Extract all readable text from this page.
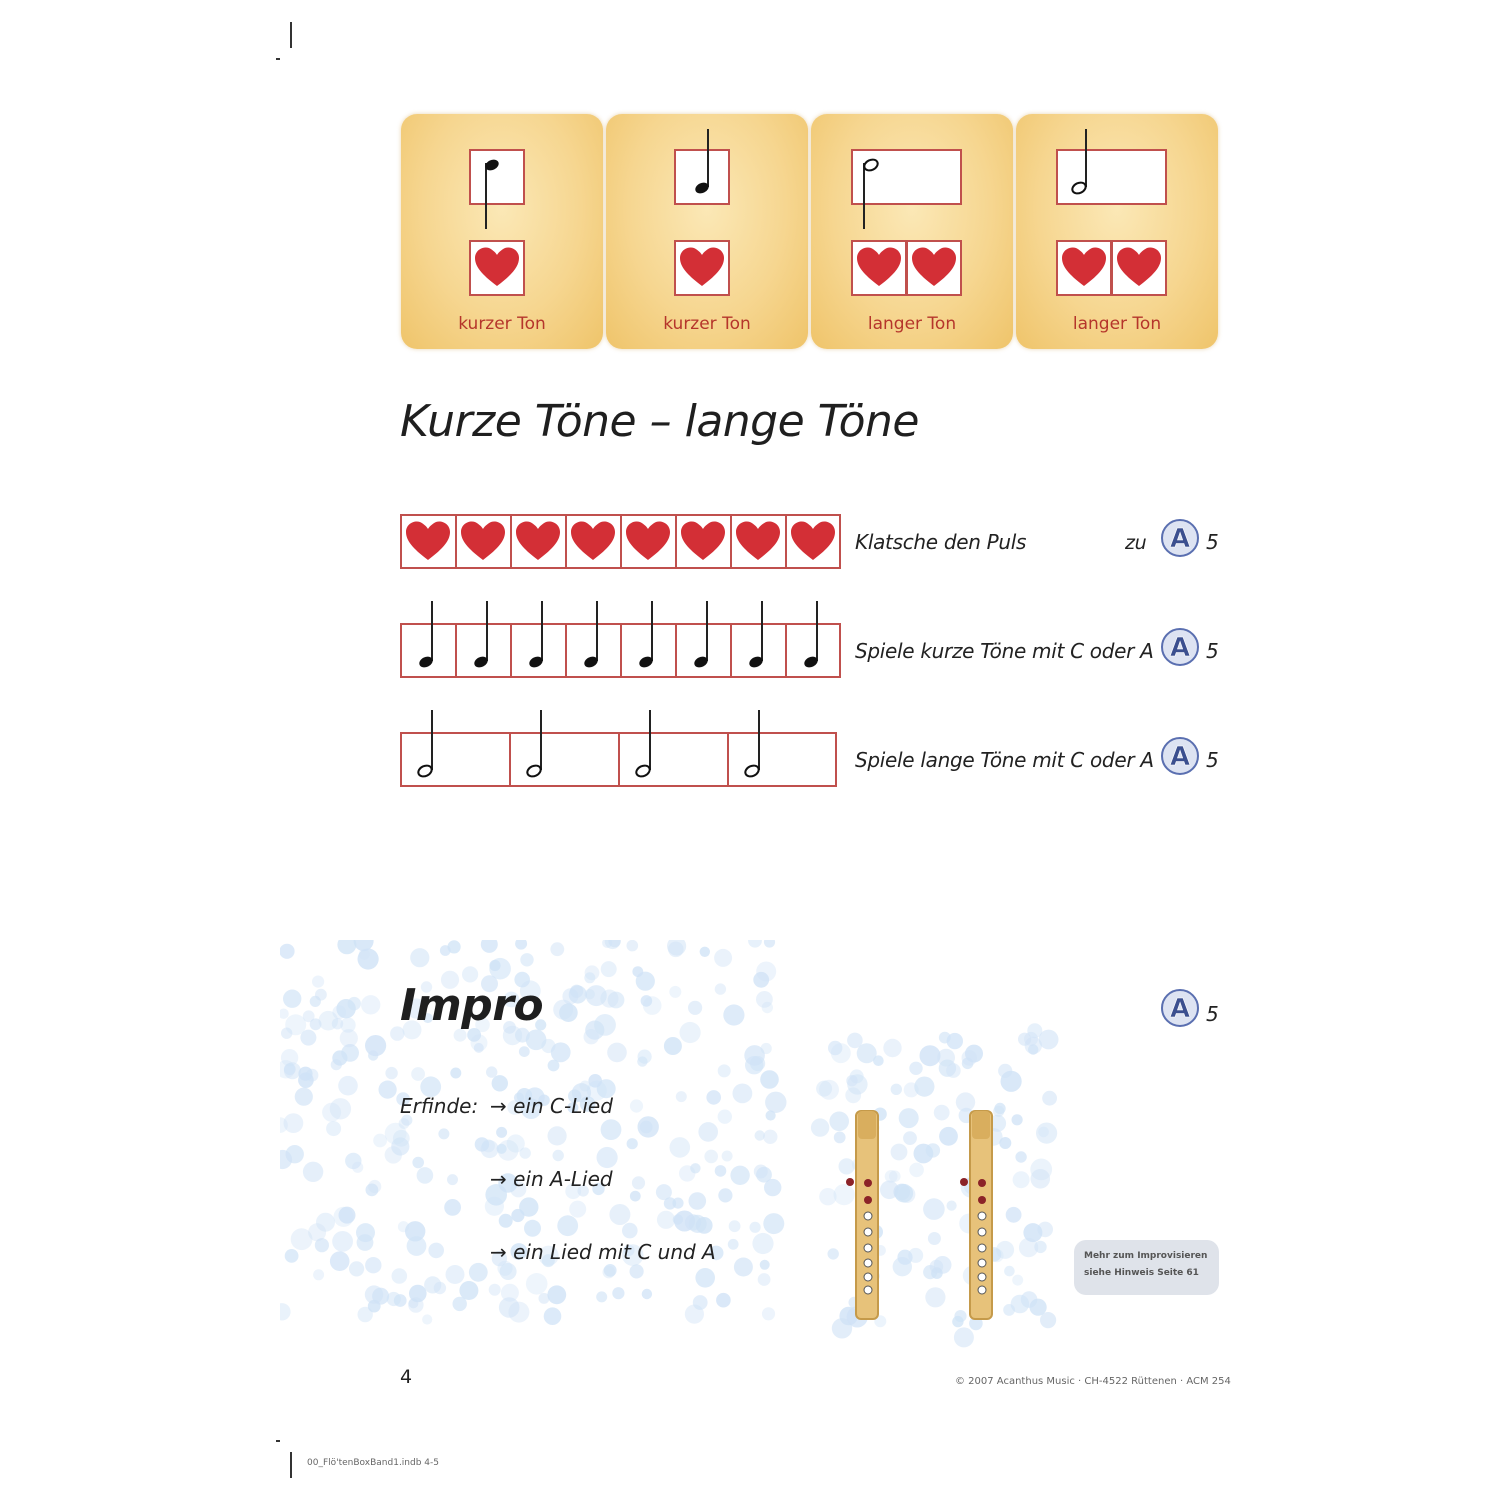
kurzer Ton	kurzer Ton	langer Ton	langer Ton
Kurze Töne – lange Töne
Klatsche den Puls	zu
Spiele kurze Töne mit C oder A
Spiele lange Töne mit C oder A
A 5
A 5
A 5
Impro	A 5
Erfinde: → ein C-Lied
→ ein A-Lied
→ ein Lied mit C und A	Mehr zum Improvisieren
siehe Hinweis Seite 61
4	© 2007 Acanthus Music · CH-4522 Rüttenen · ACM 254
00_Flö'tenBoxBand1.indb 4-5
